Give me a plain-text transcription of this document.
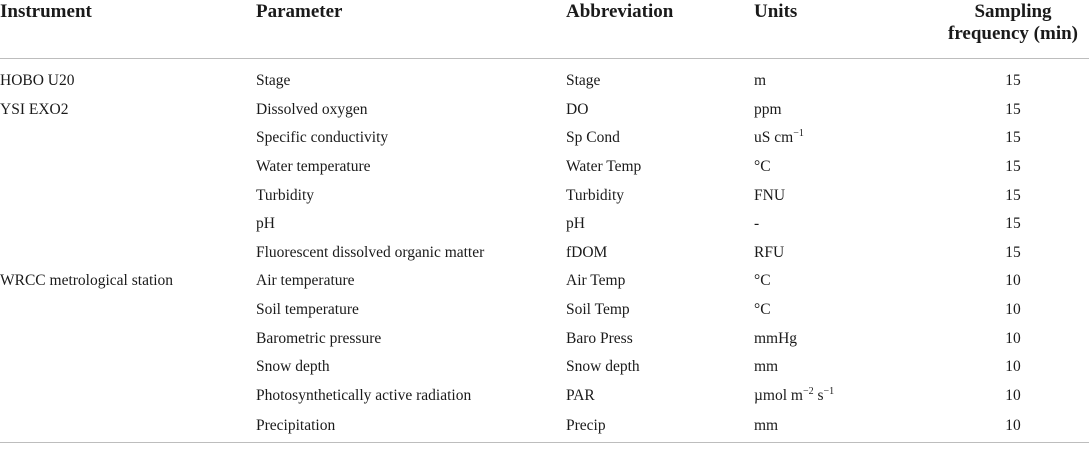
Instrument	Parameter	Abbreviation	Units	Sampling
frequency (min)
HOBO U20	Stage	Stage	m	15
YSI EXO2	Dissolved oxygen	DO	ppm	15
	Specific conductivity	Sp Cond	uS $cm^{-1}$	15
	Water temperature	Water Temp	°C	15
	Turbidity	Turbidity	FNU	15
	pH	pH	-	15
	Fluorescent dissolved organic matter	fDOM	RFU	15
WRCC metrological station	Air temperature	Air Temp	°C	10
	Soil temperature	Soil Temp	°C	10
	Barometric pressure	Baro Press	mmHg	10
	Snow depth	Snow depth	mm	10
	Photosynthetically active radiation	PAR	µmol $m^{-2}$ $s^{-1}$	10
	Precipitation	Precip	mm	10
